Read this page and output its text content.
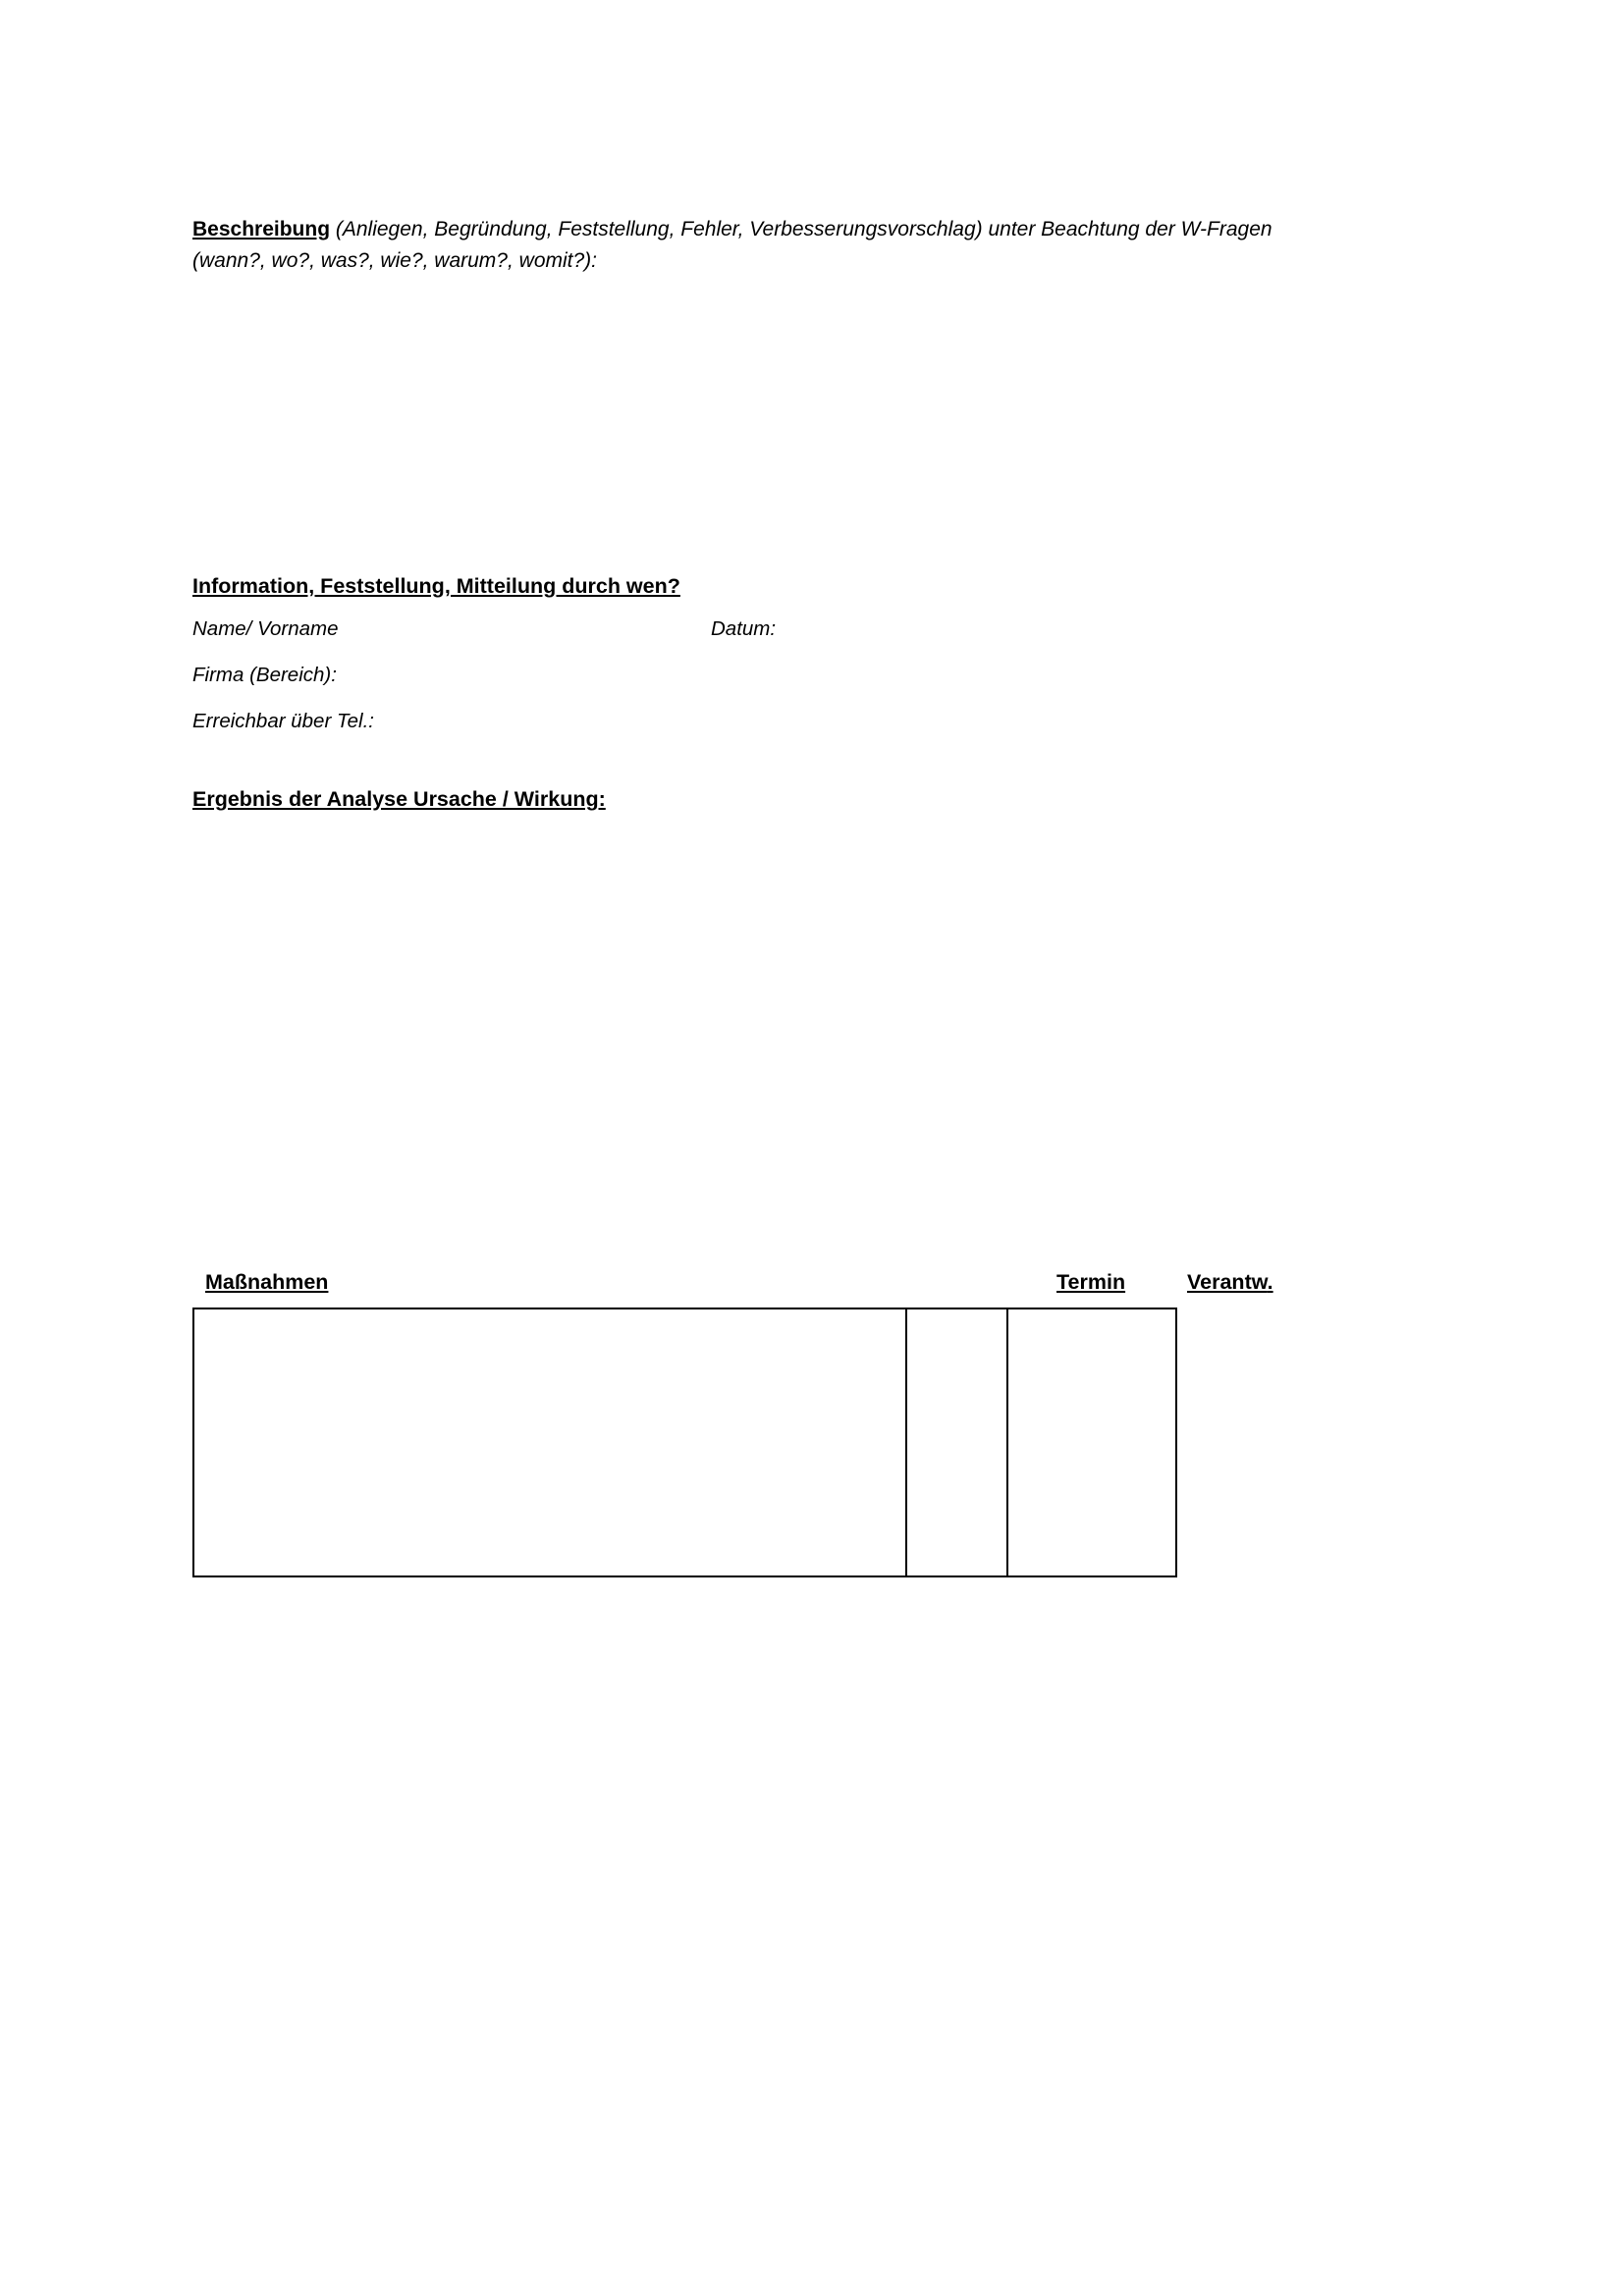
Beschreibung (Anliegen, Begründung, Feststellung, Fehler, Verbesserungsvorschlag) unter Beachtung der W-Fragen
(wann?, wo?, was?, wie?, warum?, womit?):
Information, Feststellung, Mitteilung durch wen?
Name/ Vorname	Datum:
Firma (Bereich):
Erreichbar über Tel.:
Ergebnis der Analyse Ursache / Wirkung:
Maßnahmen	Termin	Verantw.
